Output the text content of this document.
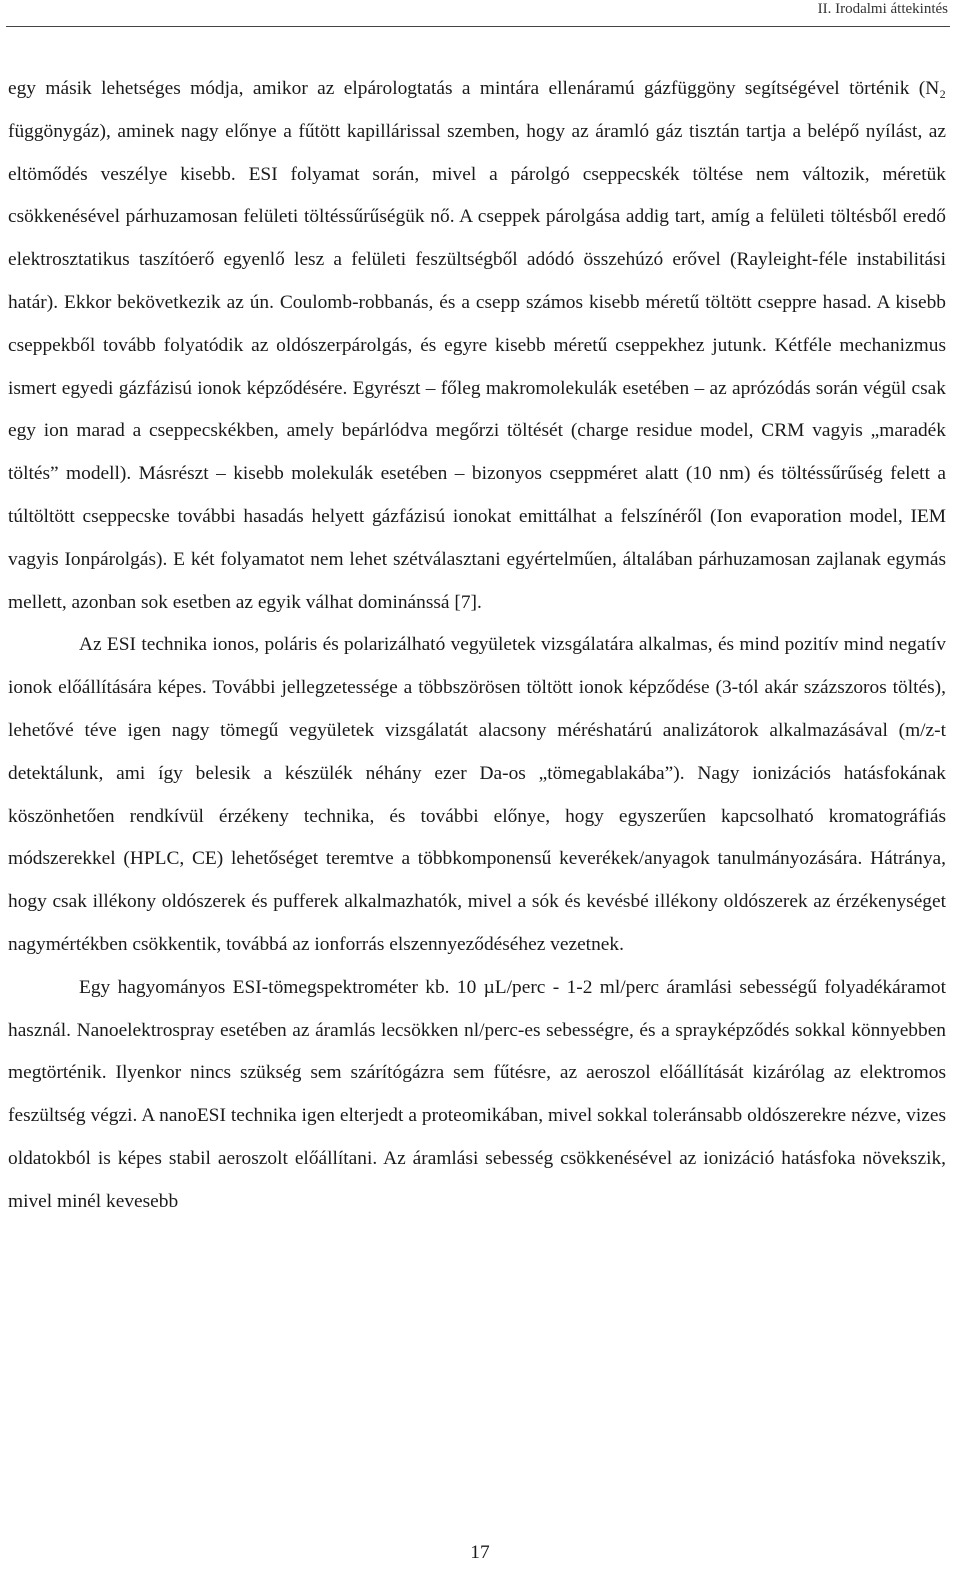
II. Irodalmi áttekintés

egy másik lehetséges módja, amikor az elpárologtatás a mintára ellenáramú gázfüggöny segítségével történik (N₂ függönygáz), aminek nagy előnye a fűtött kapillárissal szemben, hogy az áramló gáz tisztán tartja a belépő nyílást, az eltömődés veszélye kisebb. ESI folyamat során, mivel a párolgó cseppecskék töltése nem változik, méretük csökkenésével párhuzamosan felületi töltéssűrűségük nő. A cseppek párolgása addig tart, amíg a felületi töltésből eredő elektrosztatikus taszítóerő egyenlő lesz a felületi feszültségből adódó összehúzó erővel (Rayleight-féle instabilitási határ). Ekkor bekövetkezik az ún. Coulomb-robbanás, és a csepp számos kisebb méretű töltött cseppre hasad. A kisebb cseppekből tovább folyatódik az oldószerpárolgás, és egyre kisebb méretű cseppekhez jutunk. Kétféle mechanizmus ismert egyedi gázfázisú ionok képződésére. Egyrészt – főleg makromolekulák esetében – az aprózódás során végül csak egy ion marad a cseppecskékben, amely bepárlódva megőrzi töltését (charge residue model, CRM vagyis „maradék töltés” modell). Másrészt – kisebb molekulák esetében – bizonyos cseppméret alatt (10 nm) és töltéssűrűség felett a túltöltött cseppecske további hasadás helyett gázfázisú ionokat emittálhat a felszínéről (Ion evaporation model, IEM vagyis Ionpárolgás). E két folyamatot nem lehet szétválasztani egyértelműen, általában párhuzamosan zajlanak egymás mellett, azonban sok esetben az egyik válhat dominánssá [7].

Az ESI technika ionos, poláris és polarizálható vegyületek vizsgálatára alkalmas, és mind pozitív mind negatív ionok előállítására képes. További jellegzetessége a többszörösen töltött ionok képződése (3-tól akár százszoros töltés), lehetővé téve igen nagy tömegű vegyületek vizsgálatát alacsony méréshatárú analizátorok alkalmazásával (m/z-t detektálunk, ami így belesik a készülék néhány ezer Da-os „tömegablakába”). Nagy ionizációs hatásfokának köszönhetően rendkívül érzékeny technika, és további előnye, hogy egyszerűen kapcsolható kromatográfiás módszerekkel (HPLC, CE) lehetőséget teremtve a többkomponensű keverékek/anyagok tanulmányozására. Hátránya, hogy csak illékony oldószerek és pufferek alkalmazhatók, mivel a sók és kevésbé illékony oldószerek az érzékenységet nagymértékben csökkentik, továbbá az ionforrás elszennyeződéséhez vezetnek.

Egy hagyományos ESI-tömegspektrométer kb. 10 µL/perc - 1-2 ml/perc áramlási sebességű folyadékáramot használ. Nanoelektrospray esetében az áramlás lecsökken nl/perc-es sebességre, és a sprayképződés sokkal könnyebben megtörténik. Ilyenkor nincs szükség sem szárítógázra sem fűtésre, az aeroszol előállítását kizárólag az elektromos feszültség végzi. A nanoESI technika igen elterjedt a proteomikában, mivel sokkal toleránsabb oldószerekre nézve, vizes oldatokból is képes stabil aeroszolt előállítani. Az áramlási sebesség csökkenésével az ionizáció hatásfoka növekszik, mivel minél kevesebb

17
